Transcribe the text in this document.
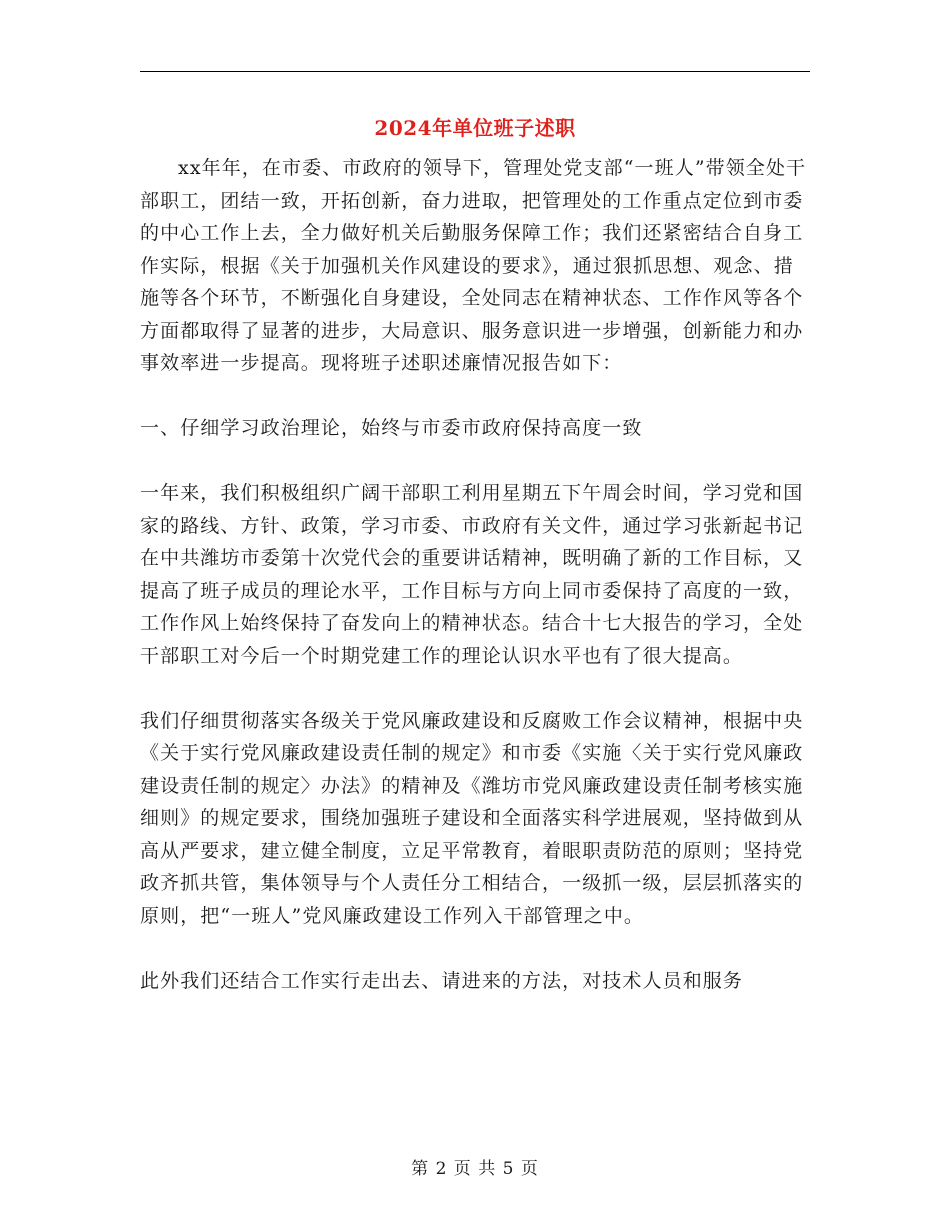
2024年单位班子述职

xx年年，在市委、市政府的领导下，管理处党支部“一班人”带领全处干部职工，团结一致，开拓创新，奋力进取，把管理处的工作重点定位到市委的中心工作上去，全力做好机关后勤服务保障工作；我们还紧密结合自身工作实际，根据《关于加强机关作风建设的要求》，通过狠抓思想、观念、措施等各个环节，不断强化自身建设，全处同志在精神状态、工作作风等各个方面都取得了显著的进步，大局意识、服务意识进一步增强，创新能力和办事效率进一步提高。现将班子述职述廉情况报告如下：

一、仔细学习政治理论，始终与市委市政府保持高度一致

一年来，我们积极组织广阔干部职工利用星期五下午周会时间，学习党和国家的路线、方针、政策，学习市委、市政府有关文件，通过学习张新起书记在中共潍坊市委第十次党代会的重要讲话精神，既明确了新的工作目标，又提高了班子成员的理论水平，工作目标与方向上同市委保持了高度的一致，工作作风上始终保持了奋发向上的精神状态。结合十七大报告的学习，全处干部职工对今后一个时期党建工作的理论认识水平也有了很大提高。

我们仔细贯彻落实各级关于党风廉政建设和反腐败工作会议精神，根据中央《关于实行党风廉政建设责任制的规定》和市委《实施〈关于实行党风廉政建设责任制的规定〉办法》的精神及《潍坊市党风廉政建设责任制考核实施细则》的规定要求，围绕加强班子建设和全面落实科学进展观，坚持做到从高从严要求，建立健全制度，立足平常教育，着眼职责防范的原则；坚持党政齐抓共管，集体领导与个人责任分工相结合，一级抓一级，层层抓落实的原则，把“一班人”党风廉政建设工作列入干部管理之中。

此外我们还结合工作实行走出去、请进来的方法，对技术人员和服务

第 2 页 共 5 页
